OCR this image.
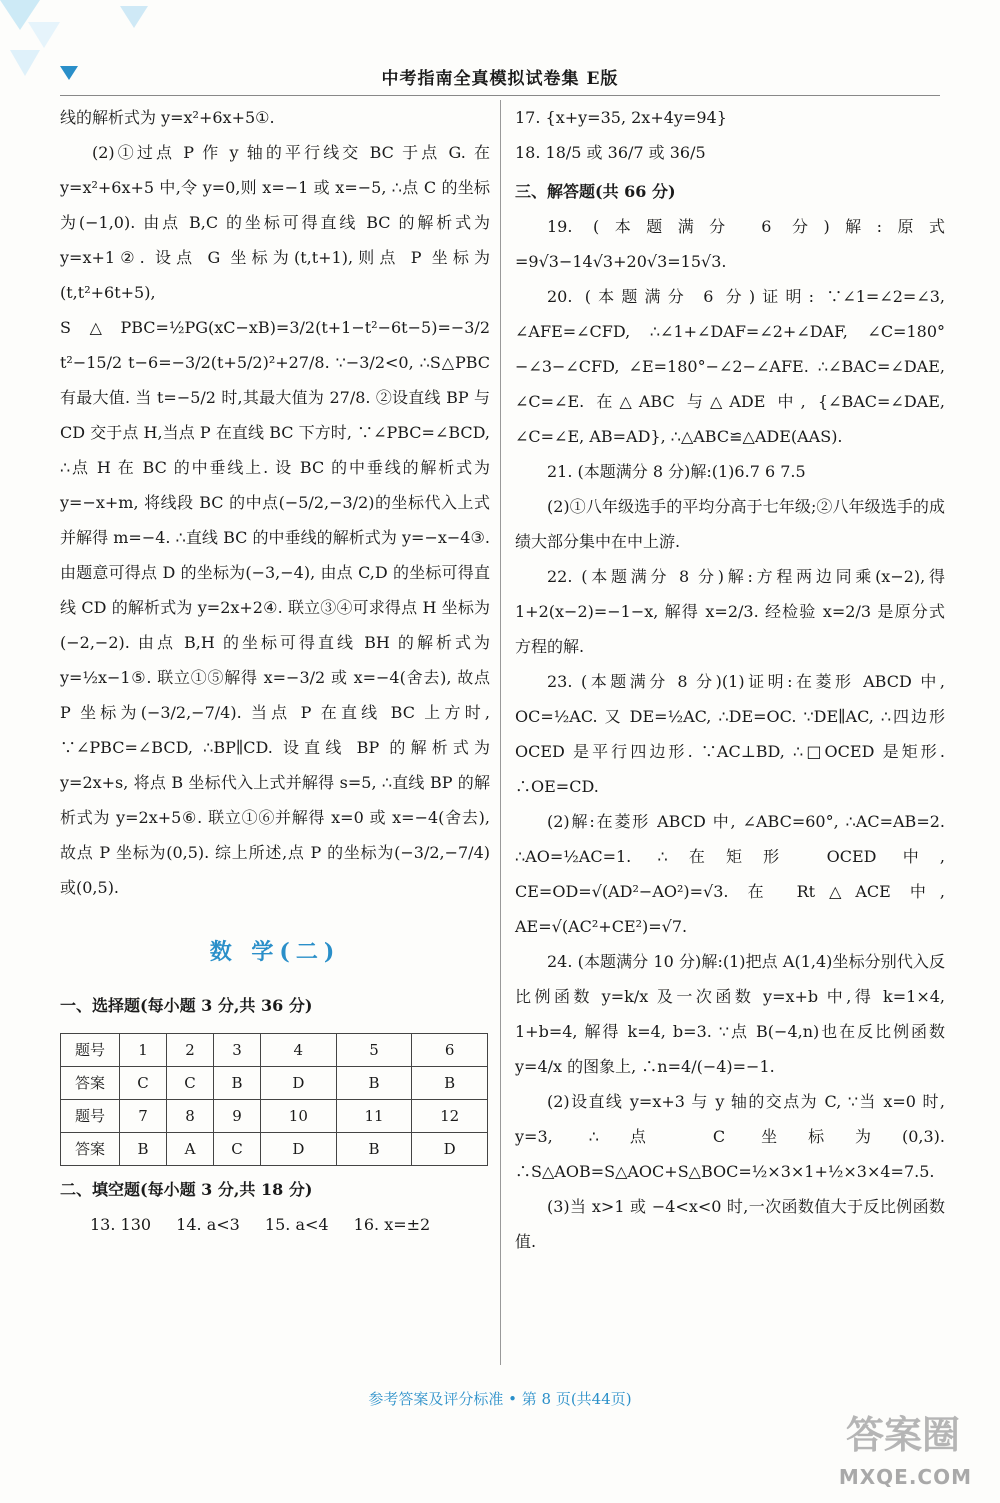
中考指南全真模拟试卷集 E版

线的解析式为 y=x²+6x+5①.

(2)①过点 P 作 y 轴的平行线交 BC 于点 G. 在 y=x²+6x+5 中,令 y=0,则 x=−1 或 x=−5, ∴点 C 的坐标为(−1,0). 由点 B,C 的坐标可得直线 BC 的解析式为 y=x+1②. 设点 G 坐标为(t,t+1),则点 P 坐标为(t,t²+6t+5), S△PBC=½PG(xC−xB)=3/2(t+1−t²−6t−5)=−3/2 t²−15/2 t−6=−3/2(t+5/2)²+27/8. ∵−3/2<0, ∴S△PBC有最大值. 当 t=−5/2 时,其最大值为 27/8. ②设直线 BP 与 CD 交于点 H,当点 P 在直线 BC 下方时, ∵∠PBC=∠BCD, ∴点 H 在 BC 的中垂线上. 设 BC 的中垂线的解析式为 y=−x+m, 将线段 BC 的中点(−5/2,−3/2)的坐标代入上式并解得 m=−4. ∴直线 BC 的中垂线的解析式为 y=−x−4③. 由题意可得点 D 的坐标为(−3,−4), 由点 C,D 的坐标可得直线 CD 的解析式为 y=2x+2④. 联立③④可求得点 H 坐标为(−2,−2). 由点 B,H 的坐标可得直线 BH 的解析式为 y=½x−1⑤. 联立①⑤解得 x=−3/2 或 x=−4(舍去), 故点 P 坐标为(−3/2,−7/4). 当点 P 在直线 BC 上方时, ∵∠PBC=∠BCD, ∴BP∥CD. 设直线 BP 的解析式为 y=2x+s, 将点 B 坐标代入上式并解得 s=5, ∴直线 BP 的解析式为 y=2x+5⑥. 联立①⑥并解得 x=0 或 x=−4(舍去), 故点 P 坐标为(0,5). 综上所述,点 P 的坐标为(−3/2,−7/4)或(0,5).

数 学(二)
一、选择题(每小题 3 分,共 36 分)
题号	1	2	3	4	5	6
答案	C	C	B	D	B	B
题号	7	8	9	10	11	12
答案	B	A	C	D	B	D
二、填空题(每小题 3 分,共 18 分)
13. 130 14. a<3 15. a<4 16. x=±2

17. {x+y=35, 2x+4y=94}

18. 18/5 或 36/7 或 36/5

三、解答题(共 66 分)

19. (本题满分 6 分)解:原式=9√3−14√3+20√3=15√3.

20. (本题满分 6 分)证明: ∵∠1=∠2=∠3, ∠AFE=∠CFD, ∴∠1+∠DAF=∠2+∠DAF, ∠C=180°−∠3−∠CFD, ∠E=180°−∠2−∠AFE. ∴∠BAC=∠DAE, ∠C=∠E. 在△ABC 与△ADE 中, {∠BAC=∠DAE, ∠C=∠E, AB=AD}, ∴△ABC≌△ADE(AAS).

21. (本题满分 8 分)解:(1)6.7 6 7.5

(2)①八年级选手的平均分高于七年级;②八年级选手的成绩大部分集中在中上游.

22. (本题满分 8 分)解:方程两边同乘(x−2),得 1+2(x−2)=−1−x, 解得 x=2/3. 经检验 x=2/3 是原分式方程的解.

23. (本题满分 8 分)(1)证明:在菱形 ABCD 中, OC=½AC. 又 DE=½AC, ∴DE=OC. ∵DE∥AC, ∴四边形 OCED 是平行四边形. ∵AC⊥BD, ∴□OCED 是矩形. ∴OE=CD.

(2)解:在菱形 ABCD 中, ∠ABC=60°, ∴AC=AB=2. ∴AO=½AC=1. ∴在矩形 OCED 中, CE=OD=√(AD²−AO²)=√3. 在 Rt△ACE 中, AE=√(AC²+CE²)=√7.

24. (本题满分 10 分)解:(1)把点 A(1,4)坐标分别代入反比例函数 y=k/x 及一次函数 y=x+b 中,得 k=1×4, 1+b=4, 解得 k=4, b=3. ∵点 B(−4,n)也在反比例函数 y=4/x 的图象上, ∴n=4/(−4)=−1.

(2)设直线 y=x+3 与 y 轴的交点为 C, ∵当 x=0 时, y=3, ∴点 C 坐标为(0,3). ∴S△AOB=S△AOC+S△BOC=½×3×1+½×3×4=7.5.

(3)当 x>1 或 −4<x<0 时,一次函数值大于反比例函数值.

参考答案及评分标准 • 第 8 页(共44页)
答案圈
MXQE.COM
